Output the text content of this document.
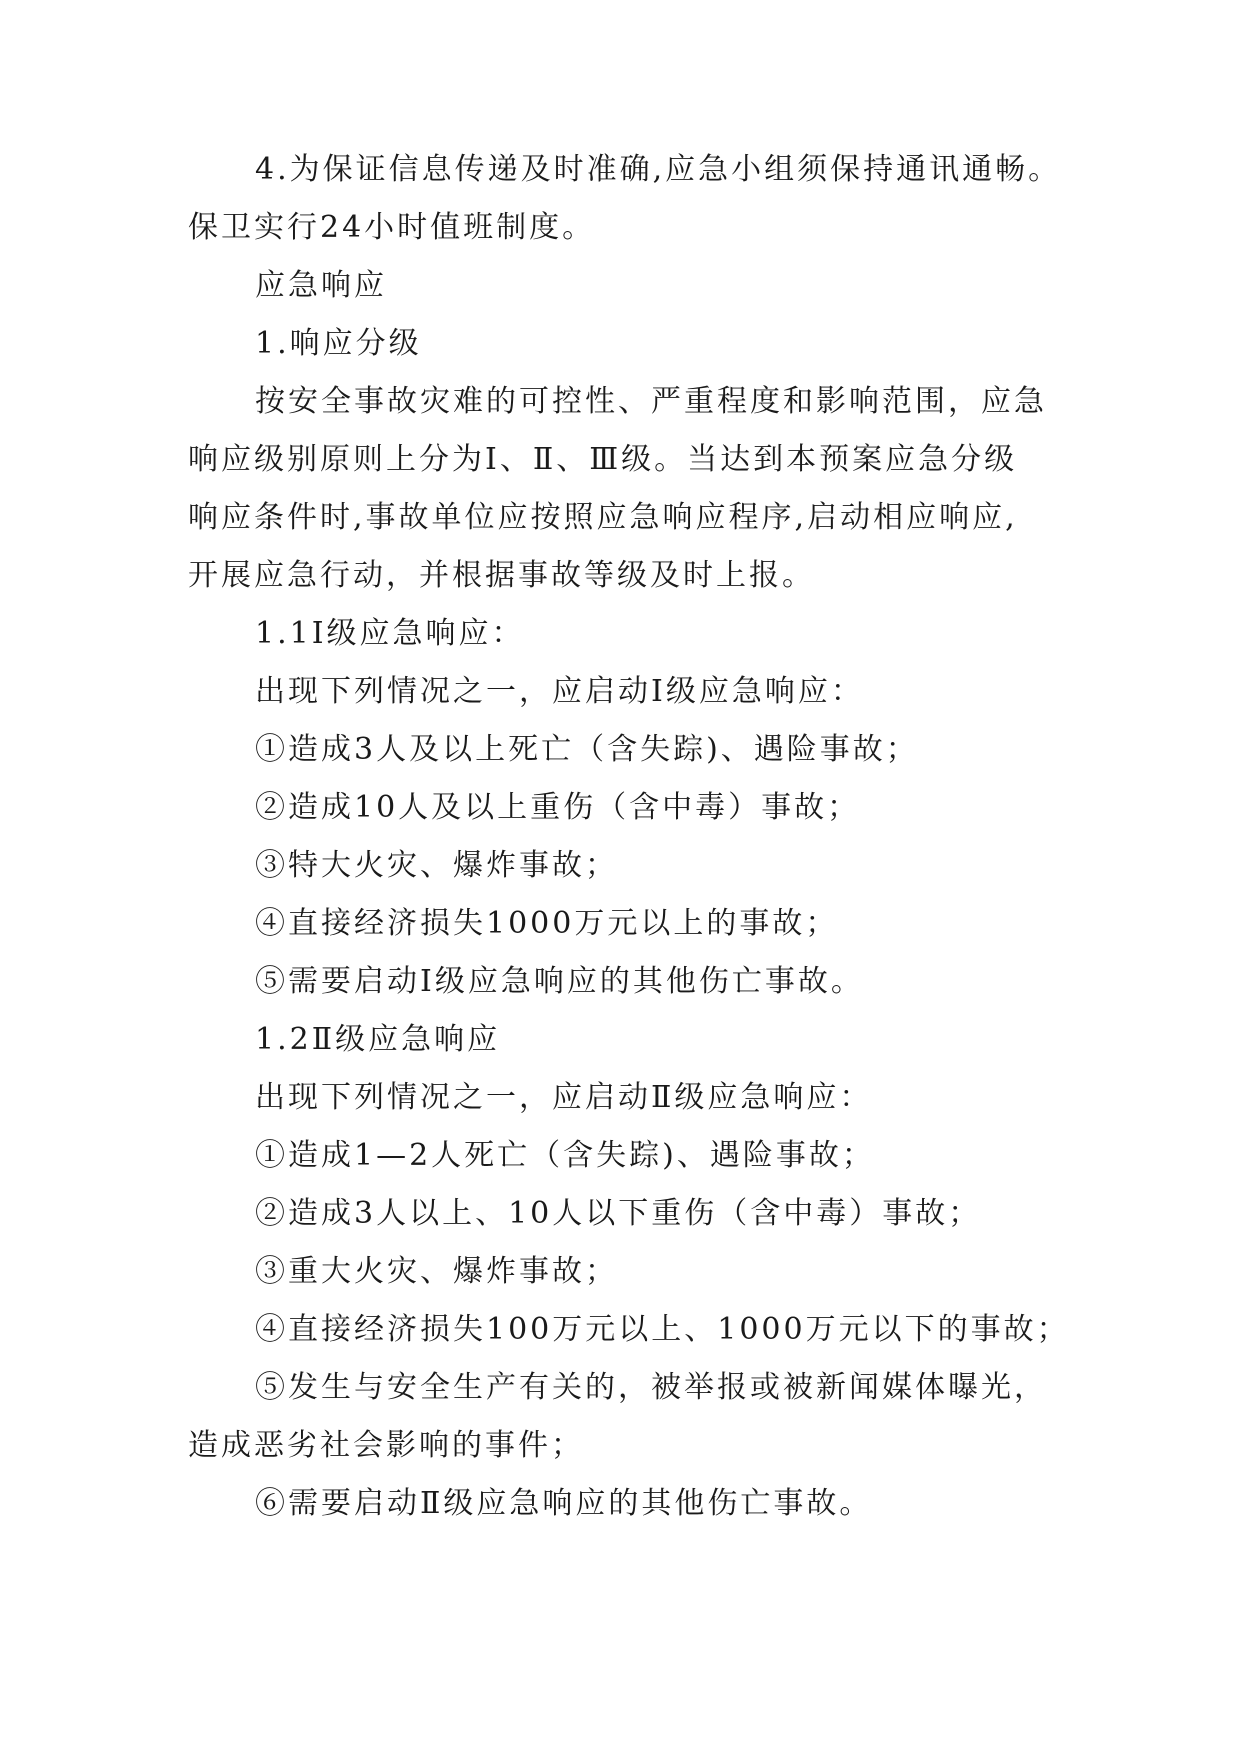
4.为保证信息传递及时准确,应急小组须保持通讯通畅。
保卫实行24小时值班制度。
应急响应
1.响应分级
按安全事故灾难的可控性、严重程度和影响范围，应急
响应级别原则上分为Ⅰ、Ⅱ、Ⅲ级。当达到本预案应急分级
响应条件时,事故单位应按照应急响应程序,启动相应响应,
开展应急行动，并根据事故等级及时上报。
1.1Ⅰ级应急响应：
出现下列情况之一，应启动Ⅰ级应急响应：
①造成3人及以上死亡（含失踪)、遇险事故；
②造成10人及以上重伤（含中毒）事故；
③特大火灾、爆炸事故；
④直接经济损失1000万元以上的事故；
⑤需要启动Ⅰ级应急响应的其他伤亡事故。
1.2Ⅱ级应急响应
出现下列情况之一，应启动Ⅱ级应急响应：
①造成1—2人死亡（含失踪)、遇险事故；
②造成3人以上、10人以下重伤（含中毒）事故；
③重大火灾、爆炸事故；
④直接经济损失100万元以上、1000万元以下的事故；
⑤发生与安全生产有关的，被举报或被新闻媒体曝光，
造成恶劣社会影响的事件；
⑥需要启动Ⅱ级应急响应的其他伤亡事故。
